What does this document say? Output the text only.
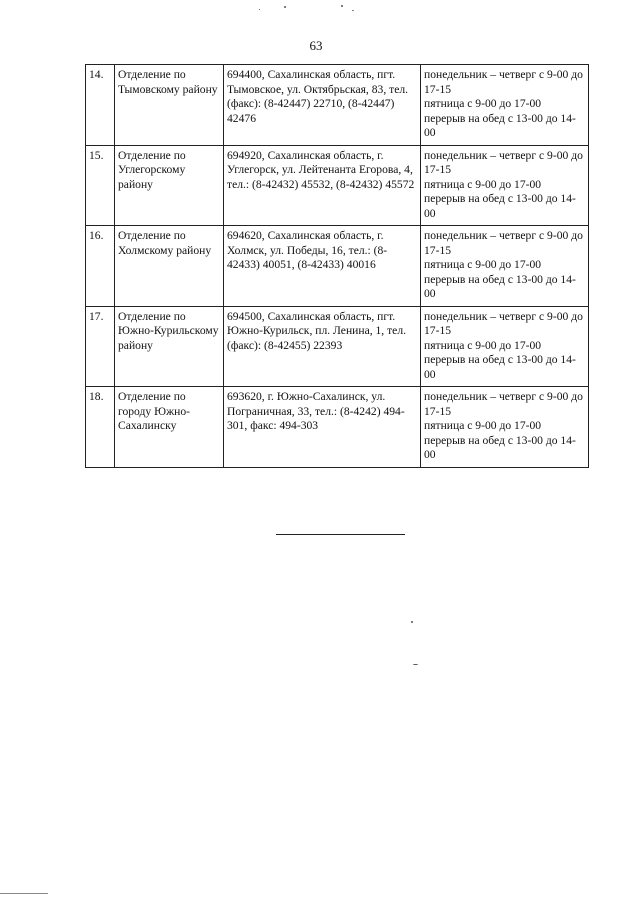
63
14.	Отделение по Тымовскому району	694400, Сахалинская область, пгт. Тымовское, ул. Октябрьская, 83, тел. (факс): (8-42447) 22710, (8-42447) 42476	понедельник – четверг с 9-00 до 17-15
пятница с 9-00 до 17-00
перерыв на обед с 13-00 до 14-00

15.	Отделение по Углегорскому району	694920, Сахалинская область, г. Углегорск, ул. Лейтенанта Егорова, 4, тел.: (8-42432) 45532, (8-42432) 45572	понедельник – четверг с 9-00 до 17-15
пятница с 9-00 до 17-00
перерыв на обед с 13-00 до 14-00

16.	Отделение по Холмскому району	694620, Сахалинская область, г. Холмск, ул. Победы, 16, тел.: (8-42433) 40051, (8-42433) 40016	понедельник – четверг с 9-00 до 17-15
пятница с 9-00 до 17-00
перерыв на обед с 13-00 до 14-00

17.	Отделение по Южно-Курильскому району	694500, Сахалинская область, пгт. Южно-Курильск, пл. Ленина, 1, тел. (факс): (8-42455) 22393	понедельник – четверг с 9-00 до 17-15
пятница с 9-00 до 17-00
перерыв на обед с 13-00 до 14-00

18.	Отделение по городу Южно-Сахалинску	693620, г. Южно-Сахалинск, ул. Пограничная, 33, тел.: (8-4242) 494-301, факс: 494-303	понедельник – четверг с 9-00 до 17-15
пятница с 9-00 до 17-00
перерыв на обед с 13-00 до 14-00
